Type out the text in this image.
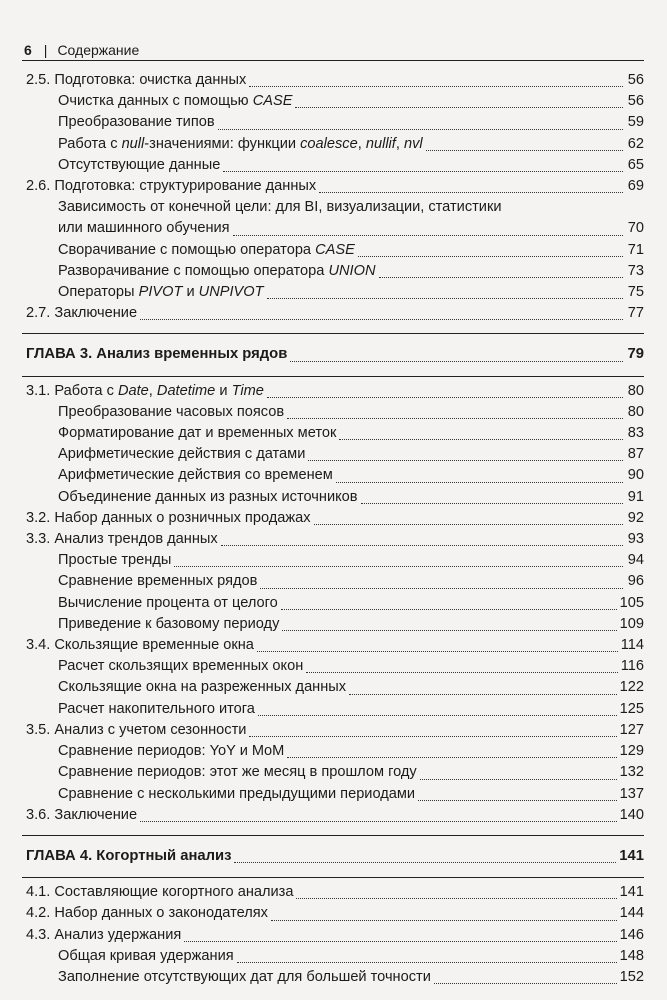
6 | Содержание
2.5. Подготовка: очистка данных	56
Очистка данных с помощью CASE	56
Преобразование типов	59
Работа с null-значениями: функции coalesce, nullif, nvl	62
Отсутствующие данные	65
2.6. Подготовка: структурирование данных	69
Зависимость от конечной цели: для BI, визуализации, статистики
или машинного обучения	70
Сворачивание с помощью оператора CASE	71
Разворачивание с помощью оператора UNION	73
Операторы PIVOT и UNPIVOT	75
2.7. Заключение	77
ГЛАВА 3. Анализ временных рядов	79
3.1. Работа с Date, Datetime и Time	80
Преобразование часовых поясов	80
Форматирование дат и временных меток	83
Арифметические действия с датами	87
Арифметические действия со временем	90
Объединение данных из разных источников	91
3.2. Набор данных о розничных продажах	92
3.3. Анализ трендов данных	93
Простые тренды	94
Сравнение временных рядов	96
Вычисление процента от целого	105
Приведение к базовому периоду	109
3.4. Скользящие временные окна	114
Расчет скользящих временных окон	116
Скользящие окна на разреженных данных	122
Расчет накопительного итога	125
3.5. Анализ с учетом сезонности	127
Сравнение периодов: YoY и MoM	129
Сравнение периодов: этот же месяц в прошлом году	132
Сравнение с несколькими предыдущими периодами	137
3.6. Заключение	140
ГЛАВА 4. Когортный анализ	141
4.1. Составляющие когортного анализа	141
4.2. Набор данных о законодателях	144
4.3. Анализ удержания	146
Общая кривая удержания	148
Заполнение отсутствующих дат для большей точности	152
